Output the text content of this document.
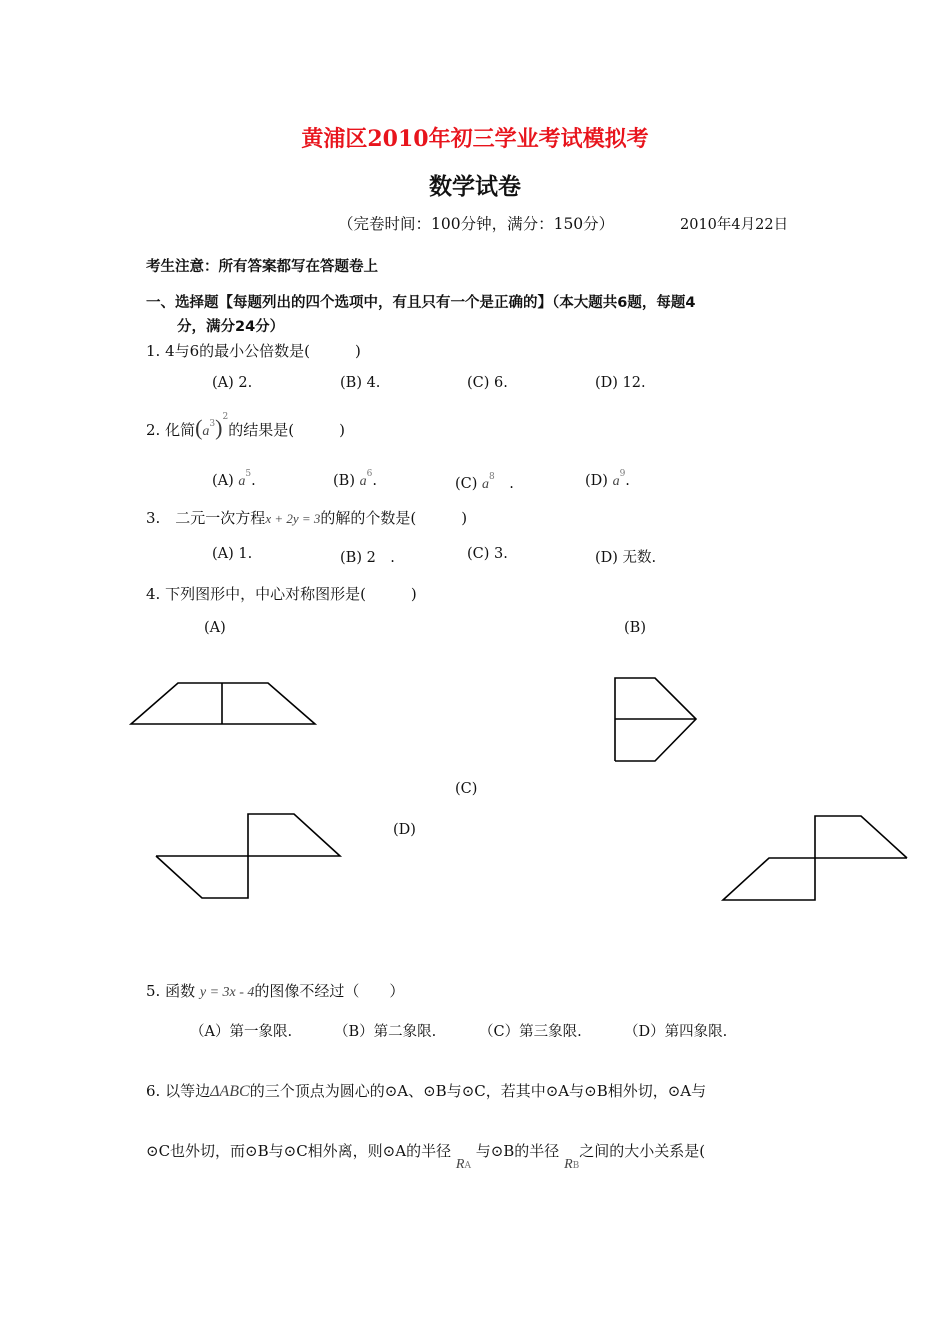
黄浦区2010年初三学业考试模拟考
数学试卷
（完卷时间：100分钟，满分：150分）	2010年4月22日
考生注意：所有答案都写在答题卷上
一、选择题【每题列出的四个选项中，有且只有一个是正确的】（本大题共6题，每题4
分，满分24分）
1. 4与6的最小公倍数是(　　　)
(A) 2.	(B) 4.	(C) 6.	(D) 12.
2. 化简$(a^3)^2$的结果是(　　　)
(A) $a^5$.	(B) $a^6$.	(C) $a^8$　.	(D) $a^9$.
3.　二元一次方程x + 2y = 3的解的个数是(　　　)
(A) 1.	(B) 2　.	(C) 3.	(D) 无数.
4. 下列图形中，中心对称图形是(　　　)
(A)	(B)
(C)
(D)
5. 函数 y = 3x - 4的图像不经过（　　）
（A）第一象限.	（B）第二象限.	（C）第三象限.	（D）第四象限.
6. 以等边ΔABC的三个顶点为圆心的⊙A、⊙B与⊙C，若其中⊙A与⊙B相外切，⊙A与
⊙C也外切，而⊙B与⊙C相外离，则⊙A的半径 RA 与⊙B的半径 RB之间的大小关系是(
